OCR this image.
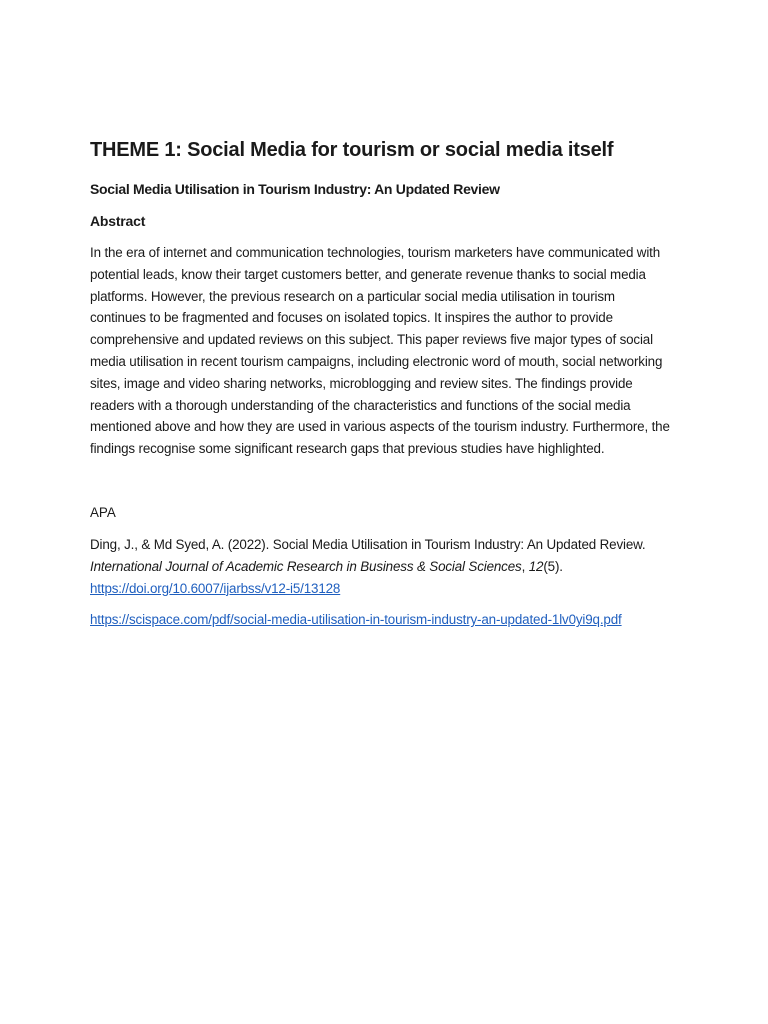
THEME 1: Social Media for tourism or social media itself
Social Media Utilisation in Tourism Industry: An Updated Review
Abstract

In the era of internet and communication technologies, tourism marketers have communicated with potential leads, know their target customers better, and generate revenue thanks to social media platforms. However, the previous research on a particular social media utilisation in tourism continues to be fragmented and focuses on isolated topics. It inspires the author to provide comprehensive and updated reviews on this subject. This paper reviews five major types of social media utilisation in recent tourism campaigns, including electronic word of mouth, social networking sites, image and video sharing networks, microblogging and review sites. The findings provide readers with a thorough understanding of the characteristics and functions of the social media mentioned above and how they are used in various aspects of the tourism industry. Furthermore, the findings recognise some significant research gaps that previous studies have highlighted.

APA

Ding, J., & Md Syed, A. (2022). Social Media Utilisation in Tourism Industry: An Updated Review. International Journal of Academic Research in Business & Social Sciences, 12(5).
https://doi.org/10.6007/ijarbss/v12-i5/13128

https://scispace.com/pdf/social-media-utilisation-in-tourism-industry-an-updated-1lv0yi9q.pdf
